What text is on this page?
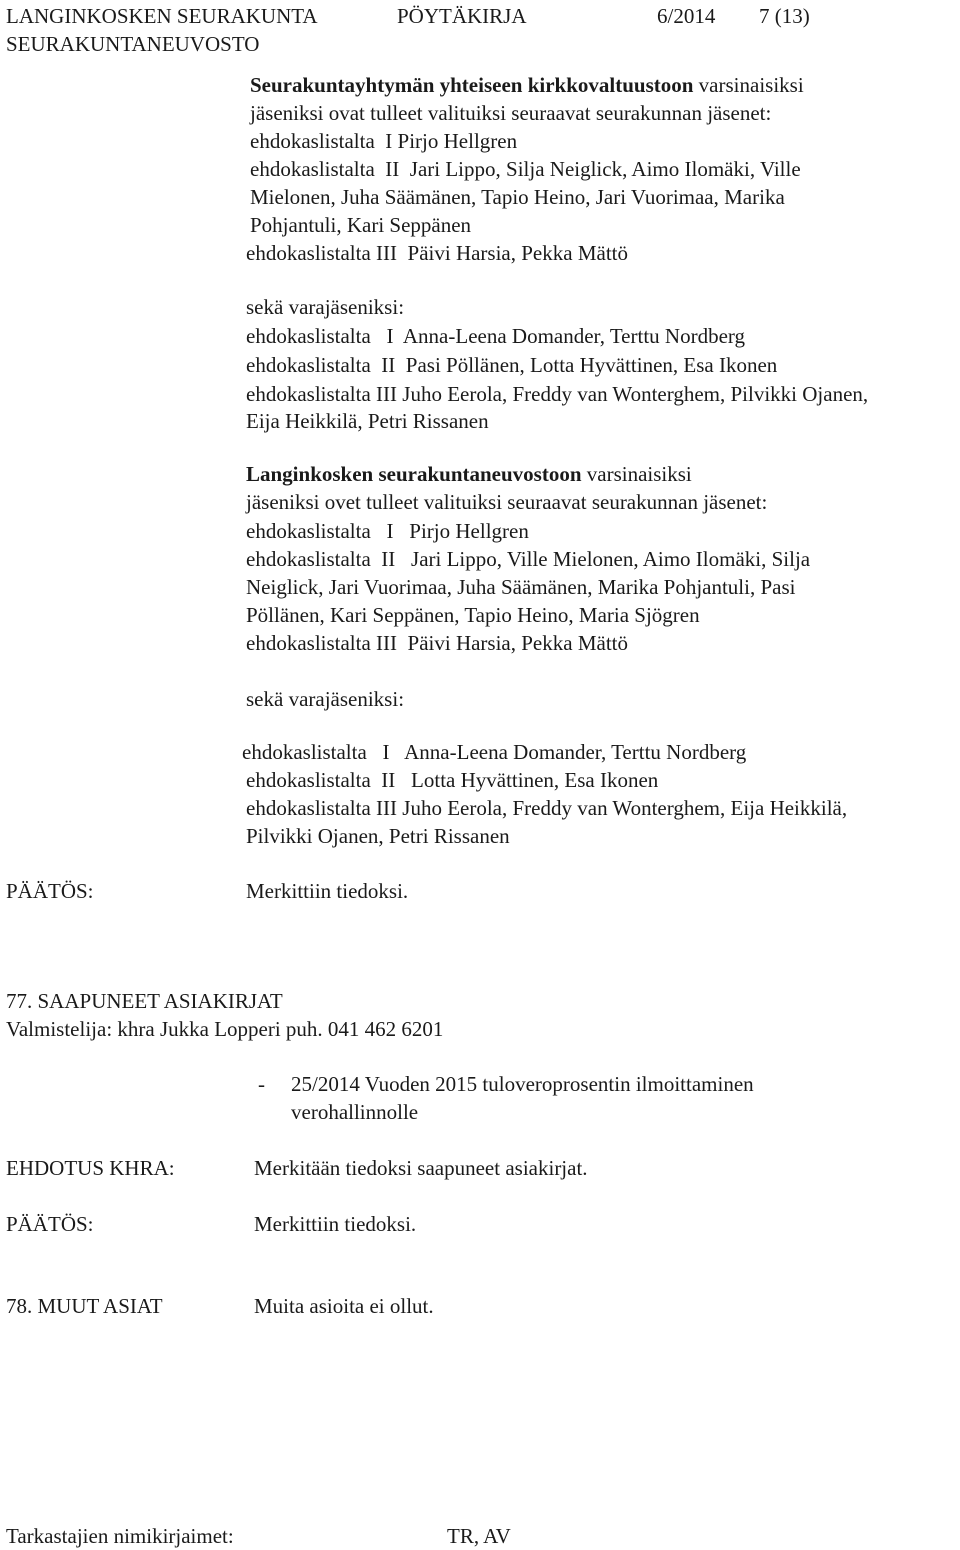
LANGINKOSKEN SEURAKUNTA	PÖYTÄKIRJA	6/2014 7 (13)
SEURAKUNTANEUVOSTO
Seurakuntayhtymän yhteiseen kirkkovaltuustoon varsinaisiksi
jäseniksi ovat tulleet valituiksi seuraavat seurakunnan jäsenet:
ehdokaslistalta  I Pirjo Hellgren
ehdokaslistalta  II  Jari Lippo, Silja Neiglick, Aimo Ilomäki, Ville
Mielonen, Juha Säämänen, Tapio Heino, Jari Vuorimaa, Marika
Pohjantuli, Kari Seppänen
ehdokaslistalta III  Päivi Harsia, Pekka Mättö
sekä varajäseniksi:
ehdokaslistalta   I  Anna-Leena Domander, Terttu Nordberg
ehdokaslistalta  II  Pasi Pöllänen, Lotta Hyvättinen, Esa Ikonen
ehdokaslistalta III Juho Eerola, Freddy van Wonterghem, Pilvikki Ojanen,
Eija Heikkilä, Petri Rissanen
Langinkosken seurakuntaneuvostoon varsinaisiksi
jäseniksi ovet tulleet valituiksi seuraavat seurakunnan jäsenet:
ehdokaslistalta   I   Pirjo Hellgren
ehdokaslistalta  II   Jari Lippo, Ville Mielonen, Aimo Ilomäki, Silja
Neiglick, Jari Vuorimaa, Juha Säämänen, Marika Pohjantuli, Pasi
Pöllänen, Kari Seppänen, Tapio Heino, Maria Sjögren
ehdokaslistalta III  Päivi Harsia, Pekka Mättö
sekä varajäseniksi:
ehdokaslistalta   I   Anna-Leena Domander, Terttu Nordberg
ehdokaslistalta  II   Lotta Hyvättinen, Esa Ikonen
ehdokaslistalta III Juho Eerola, Freddy van Wonterghem, Eija Heikkilä,
Pilvikki Ojanen, Petri Rissanen
PÄÄTÖS:	Merkittiin tiedoksi.
77. SAAPUNEET ASIAKIRJAT
Valmistelija: khra Jukka Lopperi puh. 041 462 6201
- 25/2014 Vuoden 2015 tuloveroprosentin ilmoittaminen
verohallinnolle
EHDOTUS KHRA:	Merkitään tiedoksi saapuneet asiakirjat.
PÄÄTÖS:	Merkittiin tiedoksi.
78. MUUT ASIAT	Muita asioita ei ollut.
Tarkastajien nimikirjaimet:	TR, AV
